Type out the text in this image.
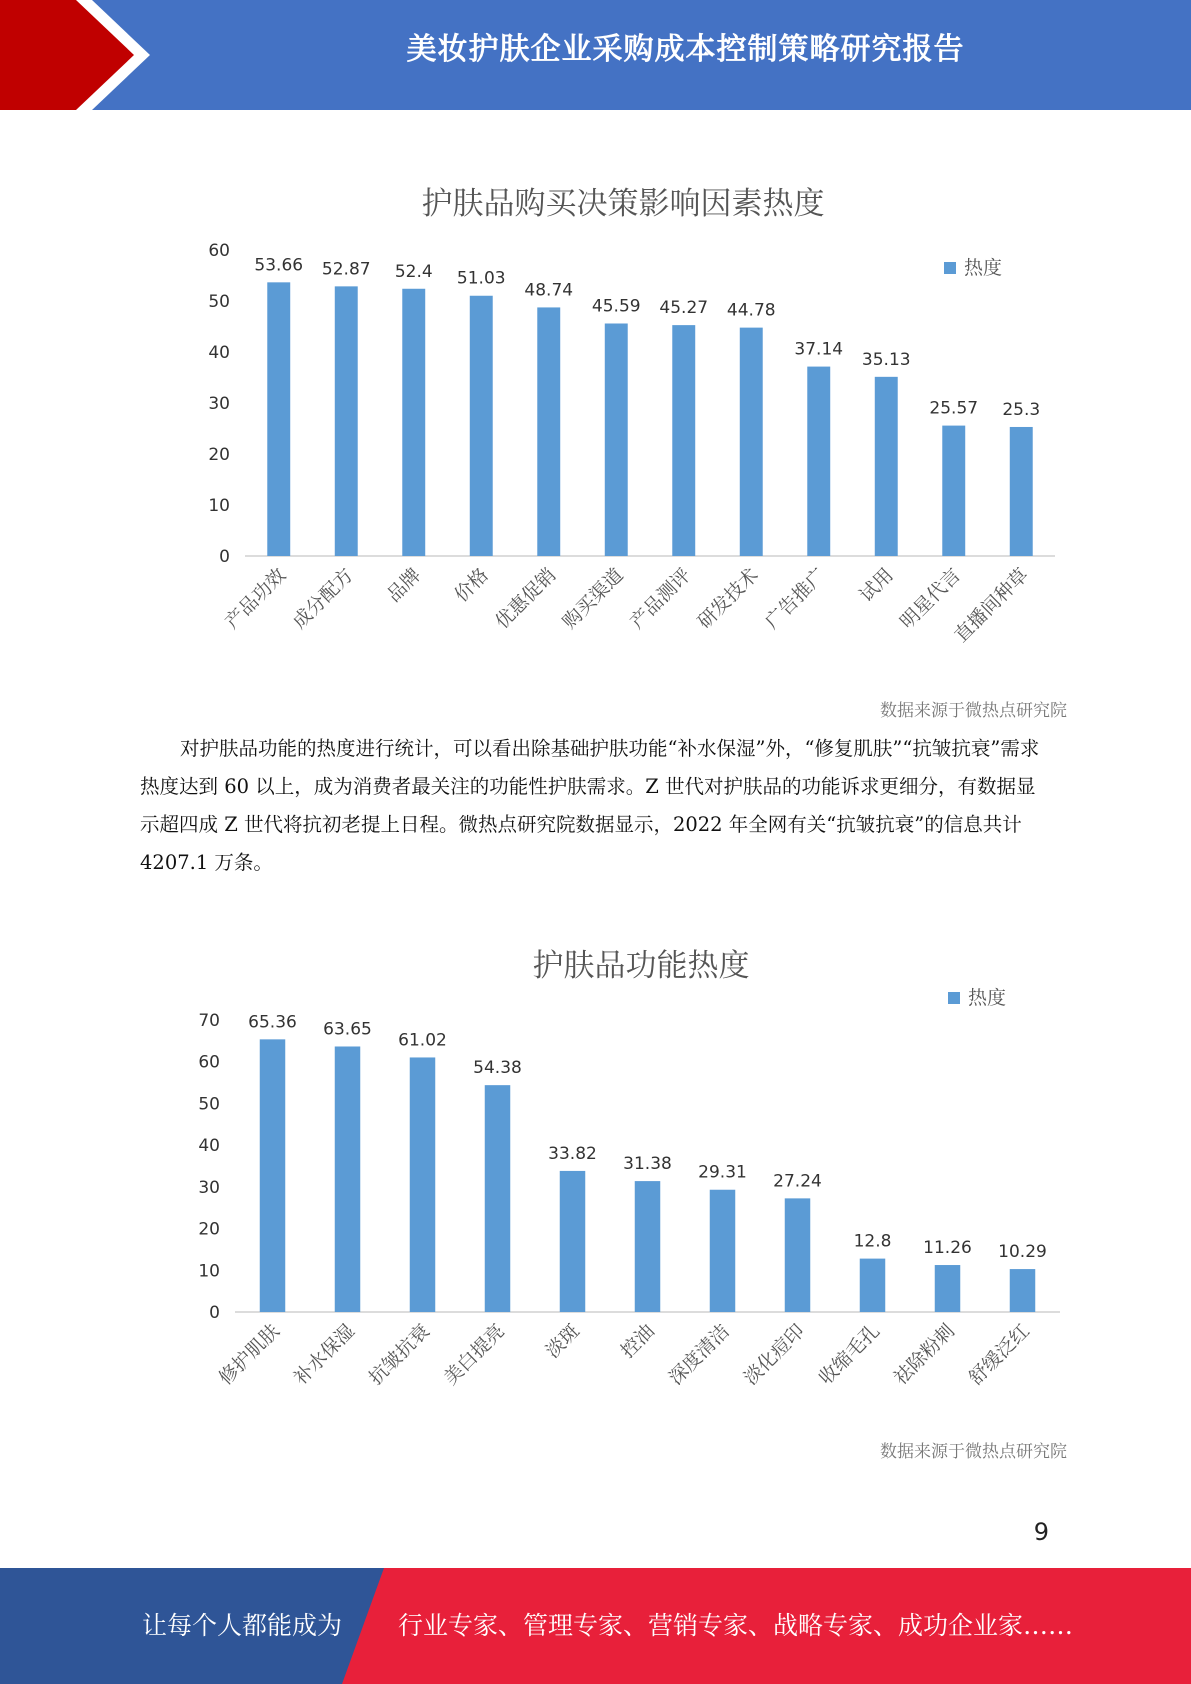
美妆护肤企业采购成本控制策略研究报告
护肤品购买决策影响因素热度
0
10
20
30
40
50
60
53.66
产品功效
52.87
成分配方
52.4
品牌
51.03
价格
48.74
优惠促销
45.59
购买渠道
45.27
产品测评
44.78
研发技术
37.14
广告推广
35.13
试用
25.57
明星代言
25.3
直播间种草
热度
数据来源于微热点研究院

对护肤品功能的热度进行统计，可以看出除基础护肤功能“补水保湿”外，“修复肌肤”“抗皱抗衰”需求热度达到 60 以上，成为消费者最关注的功能性护肤需求。Z 世代对护肤品的功能诉求更细分，有数据显示超四成 Z 世代将抗初老提上日程。微热点研究院数据显示，2022 年全网有关“抗皱抗衰”的信息共计 4207.1 万条。

护肤品功能热度
0
10
20
30
40
50
60
70 65.36
修护肌肤
63.65
补水保湿
61.02
抗皱抗衰
54.38
美白提亮
33.82
淡斑
31.38
控油
29.31
深度清洁
27.24
淡化痘印
12.8
收缩毛孔
11.26
祛除粉刺
10.29
舒缓泛红
热度
数据来源于微热点研究院
9
让每个人都能成为 行业专家、管理专家、营销专家、战略专家、成功企业家……
